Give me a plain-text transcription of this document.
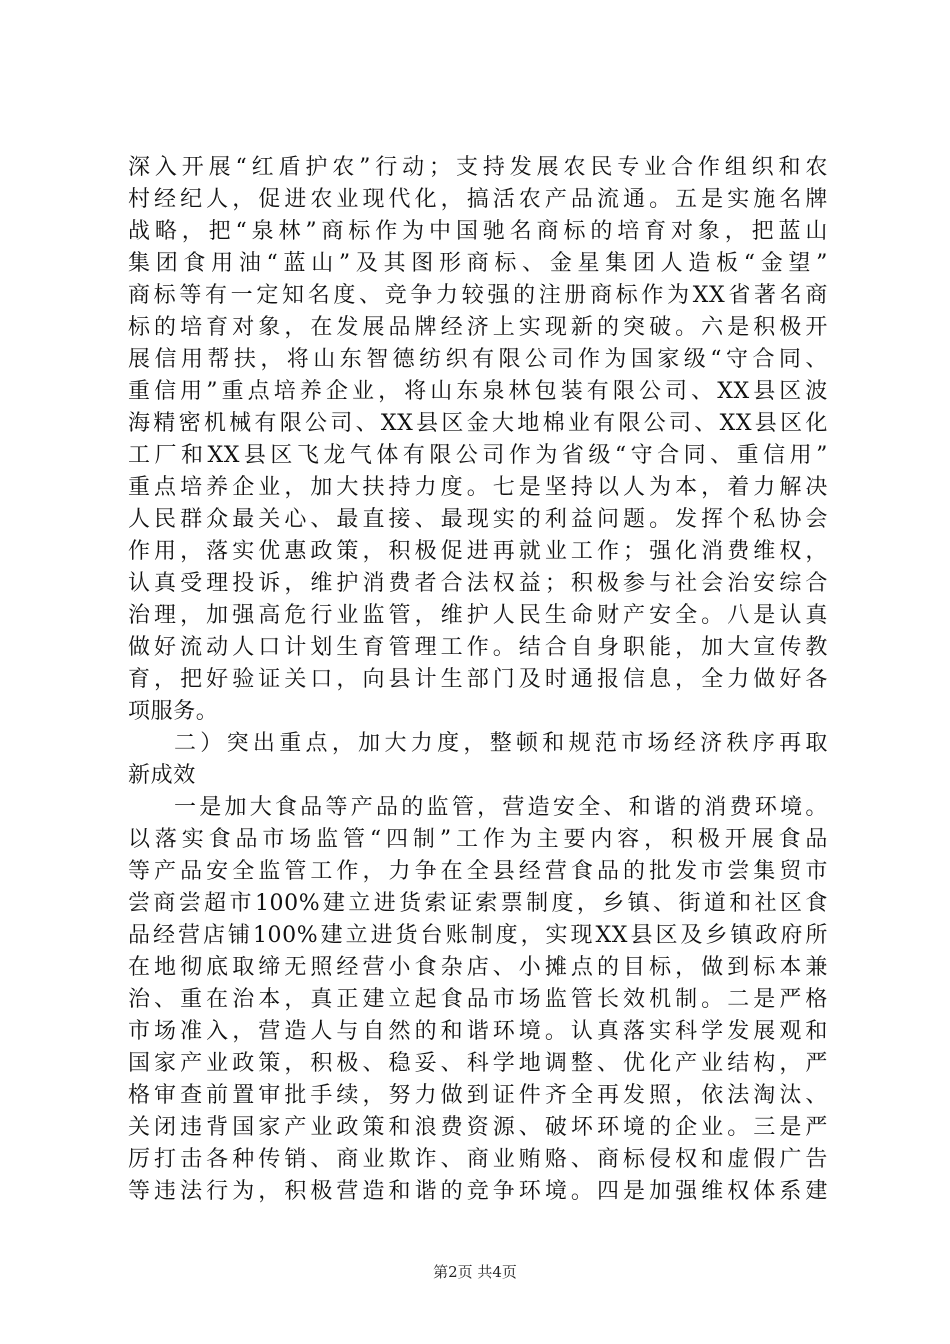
深入开展“红盾护农”行动；支持发展农民专业合作组织和农
村经纪人，促进农业现代化，搞活农产品流通。五是实施名牌
战略，把“泉林”商标作为中国驰名商标的培育对象，把蓝山
集团食用油“蓝山”及其图形商标、金星集团人造板“金望”
商标等有一定知名度、竞争力较强的注册商标作为XX省著名商
标的培育对象，在发展品牌经济上实现新的突破。六是积极开
展信用帮扶，将山东智德纺织有限公司作为国家级“守合同、
重信用”重点培养企业，将山东泉林包装有限公司、XX县区波
海精密机械有限公司、XX县区金大地棉业有限公司、XX县区化
工厂和XX县区飞龙气体有限公司作为省级“守合同、重信用”
重点培养企业，加大扶持力度。七是坚持以人为本，着力解决
人民群众最关心、最直接、最现实的利益问题。发挥个私协会
作用，落实优惠政策，积极促进再就业工作；强化消费维权，
认真受理投诉，维护消费者合法权益；积极参与社会治安综合
治理，加强高危行业监管，维护人民生命财产安全。八是认真
做好流动人口计划生育管理工作。结合自身职能，加大宣传教
育，把好验证关口，向县计生部门及时通报信息，全力做好各
项服务。
二）突出重点，加大力度，整顿和规范市场经济秩序再取
新成效
一是加大食品等产品的监管，营造安全、和谐的消费环境。
以落实食品市场监管“四制”工作为主要内容，积极开展食品
等产品安全监管工作，力争在全县经营食品的批发市尝集贸市
尝商尝超市100%建立进货索证索票制度，乡镇、街道和社区食
品经营店铺100%建立进货台账制度，实现XX县区及乡镇政府所
在地彻底取缔无照经营小食杂店、小摊点的目标，做到标本兼
治、重在治本，真正建立起食品市场监管长效机制。二是严格
市场准入，营造人与自然的和谐环境。认真落实科学发展观和
国家产业政策，积极、稳妥、科学地调整、优化产业结构，严
格审查前置审批手续，努力做到证件齐全再发照，依法淘汰、
关闭违背国家产业政策和浪费资源、破坏环境的企业。三是严
厉打击各种传销、商业欺诈、商业贿赂、商标侵权和虚假广告
等违法行为，积极营造和谐的竞争环境。四是加强维权体系建
第2页 共4页
